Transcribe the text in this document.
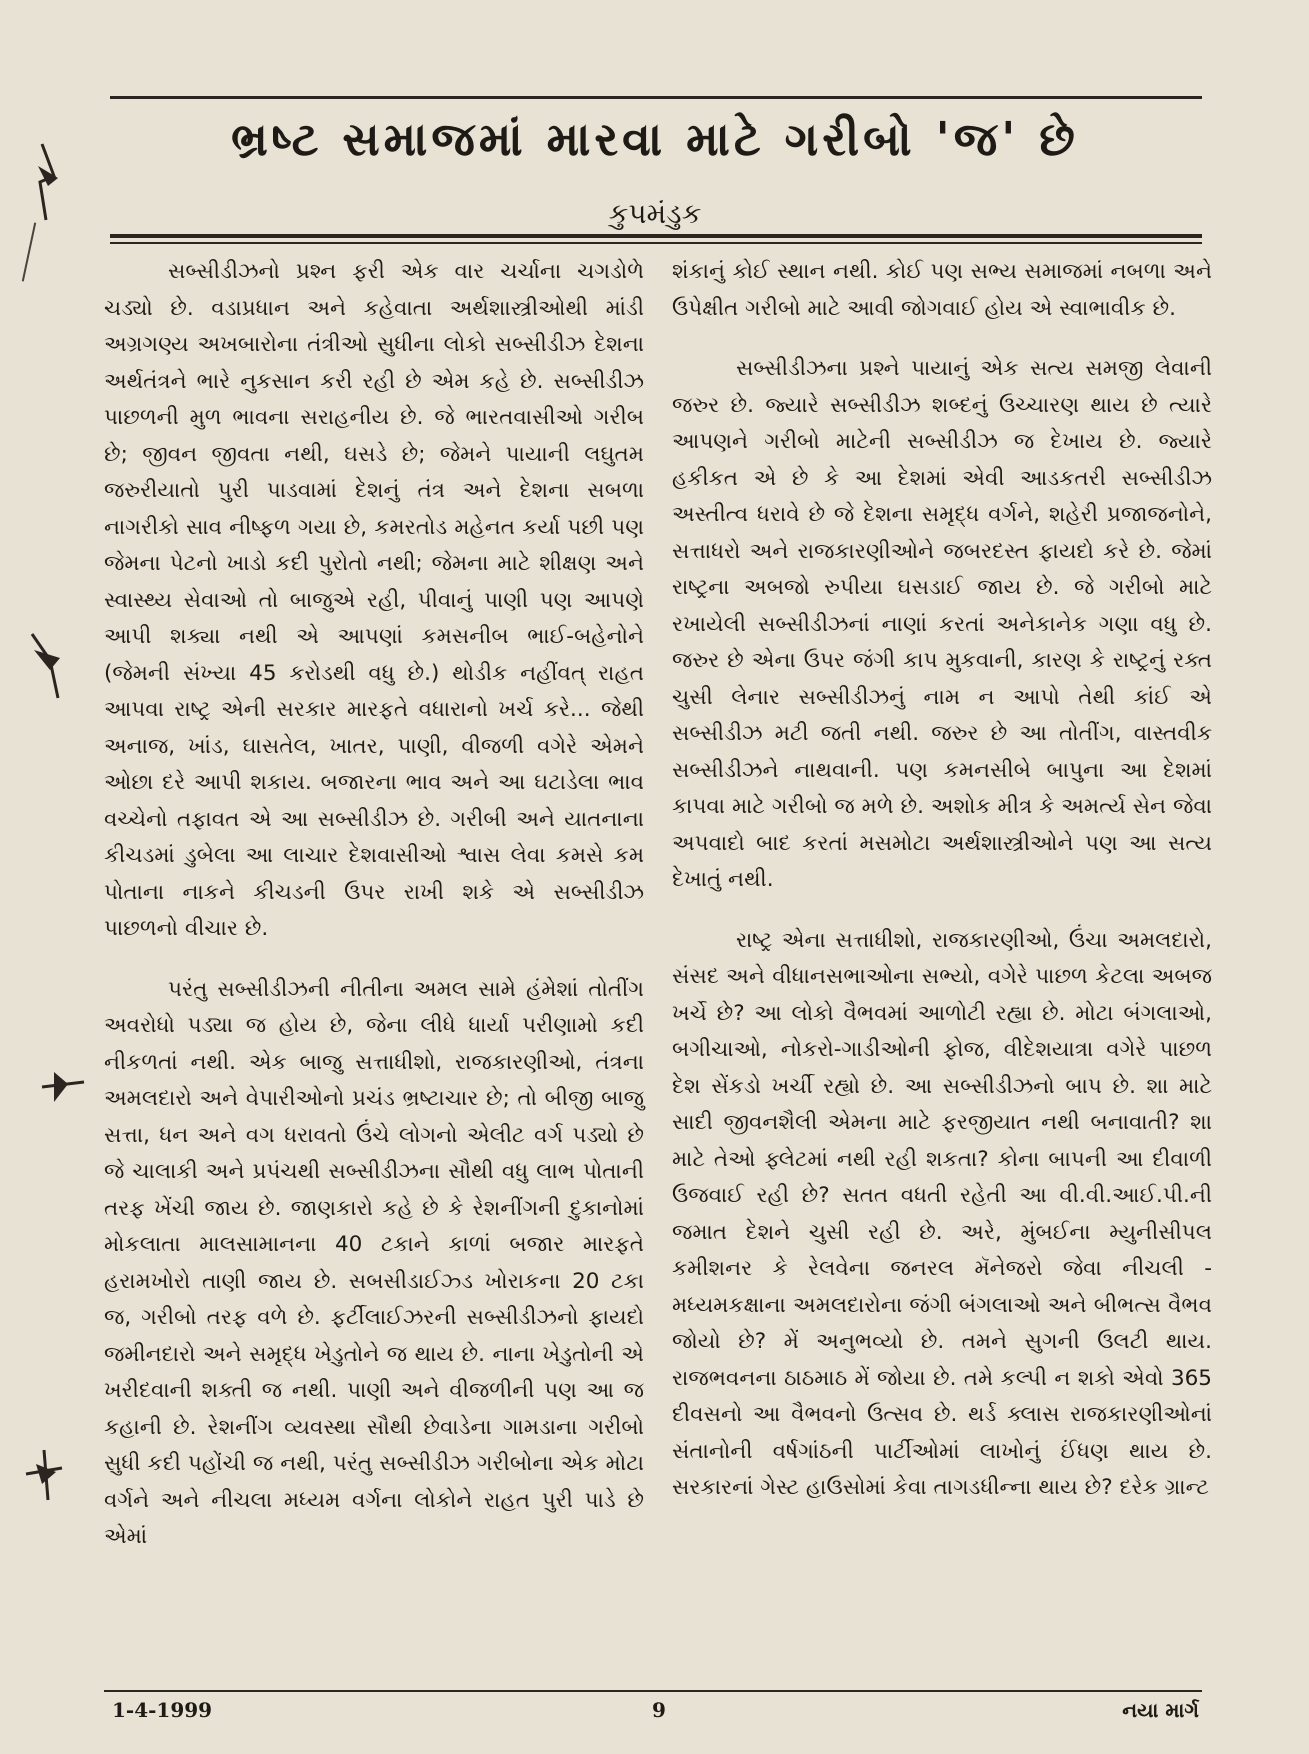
ભ્રષ્ટ સમાજમાં મારવા માટે ગરીબો 'જ' છે
કુપમંડુક

સબ્સીડીઝનો પ્રશ્ન ફરી એક વાર ચર્ચાના ચગડોળે ચડ્યો છે. વડાપ્રધાન અને કહેવાતા અર્થશાસ્ત્રીઓથી માંડી અગ્રગણ્ય અખબારોના તંત્રીઓ સુધીના લોકો સબ્સીડીઝ દેશના અર્થતંત્રને ભારે નુકસાન કરી રહી છે એમ કહે છે. સબ્સીડીઝ પાછળની મુળ ભાવના સરાહનીય છે. જે ભારતવાસીઓ ગરીબ છે; જીવન જીવતા નથી, ઘસડે છે; જેમને પાયાની લઘુતમ જરુરીયાતો પુરી પાડવામાં દેશનું તંત્ર અને દેશના સબળા નાગરીકો સાવ નીષ્ફળ ગયા છે, કમરતોડ મહેનત કર્યા પછી પણ જેમના પેટનો ખાડો કદી પુરોતો નથી; જેમના માટે શીક્ષણ અને સ્વાસ્થ્ય સેવાઓ તો બાજુએ રહી, પીવાનું પાણી પણ આપણે આપી શક્યા નથી એ આપણાં કમસનીબ ભાઈ-બહેનોને (જેમની સંખ્યા 45 કરોડથી વધુ છે.) થોડીક નહીંવત્ રાહત આપવા રાષ્ટ્ર એની સરકાર મારફતે વધારાનો ખર્ચ કરે... જેથી અનાજ, ખાંડ, ઘાસતેલ, ખાતર, પાણી, વીજળી વગેરે એમને ઓછા દરે આપી શકાય. બજારના ભાવ અને આ ઘટાડેલા ભાવ વચ્ચેનો તફાવત એ આ સબ્સીડીઝ છે. ગરીબી અને યાતનાના કીચડમાં ડુબેલા આ લાચાર દેશવાસીઓ શ્વાસ લેવા કમસે કમ પોતાના નાકને કીચડની ઉપર રાખી શકે એ સબ્સીડીઝ પાછળનો વીચાર છે.

પરંતુ સબ્સીડીઝની નીતીના અમલ સામે હંમેશાં તોતીંગ અવરોધો પડ્યા જ હોય છે, જેના લીધે ધાર્યા પરીણામો કદી નીકળતાં નથી. એક બાજુ સત્તાધીશો, રાજકારણીઓ, તંત્રના અમલદારો અને વેપારીઓનો પ્રચંડ ભ્રષ્ટાચાર છે; તો બીજી બાજુ સત્તા, ધન અને વગ ધરાવતો ઉંચે લોગનો એલીટ વર્ગ પડ્યો છે જે ચાલાકી અને પ્રપંચથી સબ્સીડીઝના સૌથી વધુ લાભ પોતાની તરફ ખેંચી જાય છે. જાણકારો કહે છે કે રેશનીંગની દુકાનોમાં મોકલાતા માલસામાનના 40 ટકાને કાળાં બજાર મારફતે હરામખોરો તાણી જાય છે. સબસીડાઈઝ્ડ ખોરાકના 20 ટકા જ, ગરીબો તરફ વળે છે. ફર્ટીલાઈઝરની સબ્સીડીઝનો ફાયદો જમીનદારો અને સમૃદ્ધ ખેડુતોને જ થાય છે. નાના ખેડુતોની એ ખરીદવાની શક્તી જ નથી. પાણી અને વીજળીની પણ આ જ કહાની છે. રેશનીંગ વ્યવસ્થા સૌથી છેવાડેના ગામડાના ગરીબો સુધી કદી પહોંચી જ નથી, પરંતુ સબ્સીડીઝ ગરીબોના એક મોટા વર્ગને અને નીચલા મધ્યમ વર્ગના લોકોને રાહત પુરી પાડે છે એમાં

શંકાનું કોઈ સ્થાન નથી. કોઈ પણ સભ્ય સમાજમાં નબળા અને ઉપેક્ષીત ગરીબો માટે આવી જોગવાઈ હોય એ સ્વાભાવીક છે.

સબ્સીડીઝના પ્રશ્ને પાયાનું એક સત્ય સમજી લેવાની જરુર છે. જ્યારે સબ્સીડીઝ શબ્દનું ઉચ્ચારણ થાય છે ત્યારે આપણને ગરીબો માટેની સબ્સીડીઝ જ દેખાય છે. જ્યારે હકીકત એ છે કે આ દેશમાં એવી આડકતરી સબ્સીડીઝ અસ્તીત્વ ધરાવે છે જે દેશના સમૃદ્ધ વર્ગને, શહેરી પ્રજાજનોને, સત્તાધરો અને રાજકારણીઓને જબરદસ્ત ફાયદો કરે છે. જેમાં રાષ્ટ્રના અબજો રુપીયા ઘસડાઈ જાય છે. જે ગરીબો માટે રખાયેલી સબ્સીડીઝનાં નાણાં કરતાં અનેકાનેક ગણા વધુ છે. જરુર છે એના ઉપર જંગી કાપ મુકવાની, કારણ કે રાષ્ટ્રનું રક્ત ચુસી લેનાર સબ્સીડીઝનું નામ ન આપો તેથી કાંઈ એ સબ્સીડીઝ મટી જતી નથી. જરુર છે આ તોતીંગ, વાસ્તવીક સબ્સીડીઝને નાથવાની. પણ કમનસીબે બાપુના આ દેશમાં કાપવા માટે ગરીબો જ મળે છે. અશોક મીત્ર કે અમર્ત્ય સેન જેવા અપવાદો બાદ કરતાં મસમોટા અર્થશાસ્ત્રીઓને પણ આ સત્ય દેખાતું નથી.

રાષ્ટ્ર એના સત્તાધીશો, રાજકારણીઓ, ઉંચા અમલદારો, સંસદ અને વીધાનસભાઓના સભ્યો, વગેરે પાછળ કેટલા અબજ ખર્ચે છે? આ લોકો વૈભવમાં આળોટી રહ્યા છે. મોટા બંગલાઓ, બગીચાઓ, નોકરો-ગાડીઓની ફોજ, વીદેશયાત્રા વગેરે પાછળ દેશ સેંકડો ખર્ચી રહ્યો છે. આ સબ્સીડીઝનો બાપ છે. શા માટે સાદી જીવનશૈલી એમના માટે ફરજીયાત નથી બનાવાતી? શા માટે તેઓ ફ્લેટમાં નથી રહી શકતા? કોના બાપની આ દીવાળી ઉજવાઈ રહી છે? સતત વધતી રહેતી આ વી.વી.આઈ.પી.ની જમાત દેશને ચુસી રહી છે. અરે, મુંબઈના મ્યુનીસીપલ કમીશનર કે રેલવેના જનરલ મૅનેજરો જેવા નીચલી - મધ્યમકક્ષાના અમલદારોના જંગી બંગલાઓ અને બીભત્સ વૈભવ જોયો છે? મેં અનુભવ્યો છે. તમને સુગની ઉલટી થાય. રાજભવનના ઠાઠમાઠ મેં જોયા છે. તમે કલ્પી ન શકો એવો 365 દીવસનો આ વૈભવનો ઉત્સવ છે. થર્ડ ક્લાસ રાજકારણીઓનાં સંતાનોની વર્ષગાંઠની પાર્ટીઓમાં લાખોનું ઈંધણ થાય છે. સરકારનાં ગેસ્ટ હાઉસોમાં કેવા તાગડધીન્ના થાય છે? દરેક ગ્રાન્ટ

1-4-1999	9	નયા માર્ગ
